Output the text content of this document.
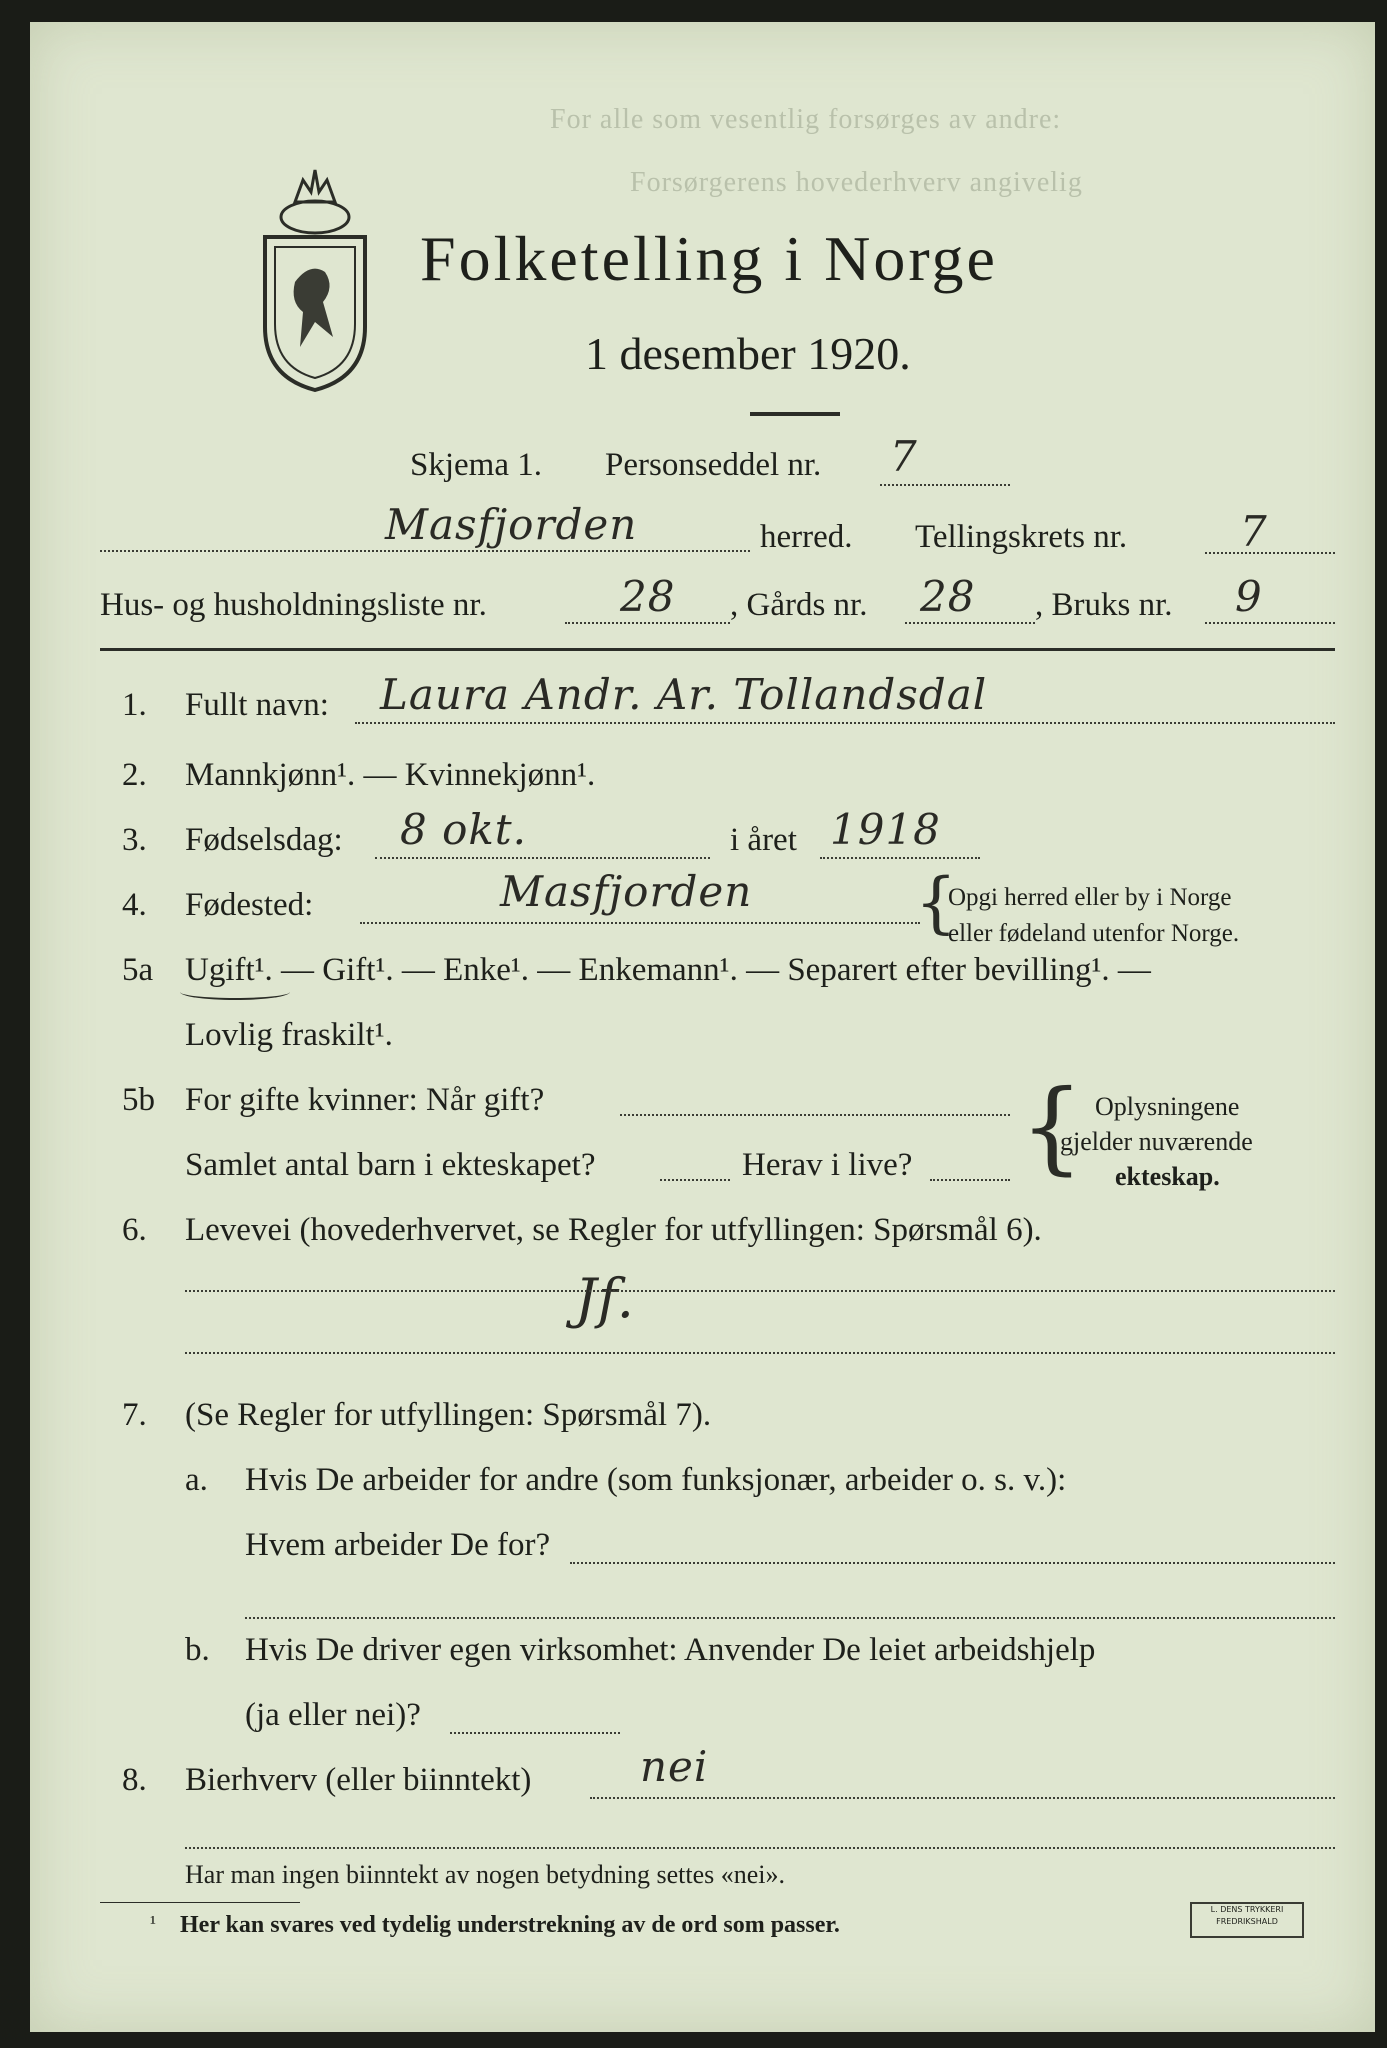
For alle som vesentlig forsørges av andre:
Forsørgerens hovederhverv angivelig
Folketelling i Norge
1 desember 1920.
Skjema 1. Personseddel nr. 7
Masfjorden	herred. Tellingskrets nr.	7
Hus- og husholdningsliste nr.	28 , Gårds nr. 28 , Bruks nr. 9
1. Fullt navn: Laura Andr. Ar. Tollandsdal
2. Mannkjønn¹. — Kvinnekjønn¹.
3. Fødselsdag: 8 okt.	i året 1918
4. Fødested:	Masfjorden {
Opgi herred eller by i Norge
eller fødeland utenfor Norge.
5a Ugift¹. — Gift¹. — Enke¹. — Enkemann¹. — Separert efter bevilling¹. —
Lovlig fraskilt¹.
5b For gifte kvinner: Når gift?
Samlet antal barn i ekteskapet?	Herav i live? { Oplysningene
gjelder nuværende
ekteskap.
6. Levevei (hovederhvervet, se Regler for utfyllingen: Spørsmål 6).
Jf.
7. (Se Regler for utfyllingen: Spørsmål 7).
a. Hvis De arbeider for andre (som funksjonær, arbeider o. s. v.):
Hvem arbeider De for?
b. Hvis De driver egen virksomhet: Anvender De leiet arbeidshjelp
(ja eller nei)?
8. Bierhverv (eller biinntekt)	nei
Har man ingen biinntekt av nogen betydning settes «nei».
¹ Her kan svares ved tydelig understrekning av de ord som passer.
L. DENS TRYKKERI FREDRIKSHALD
